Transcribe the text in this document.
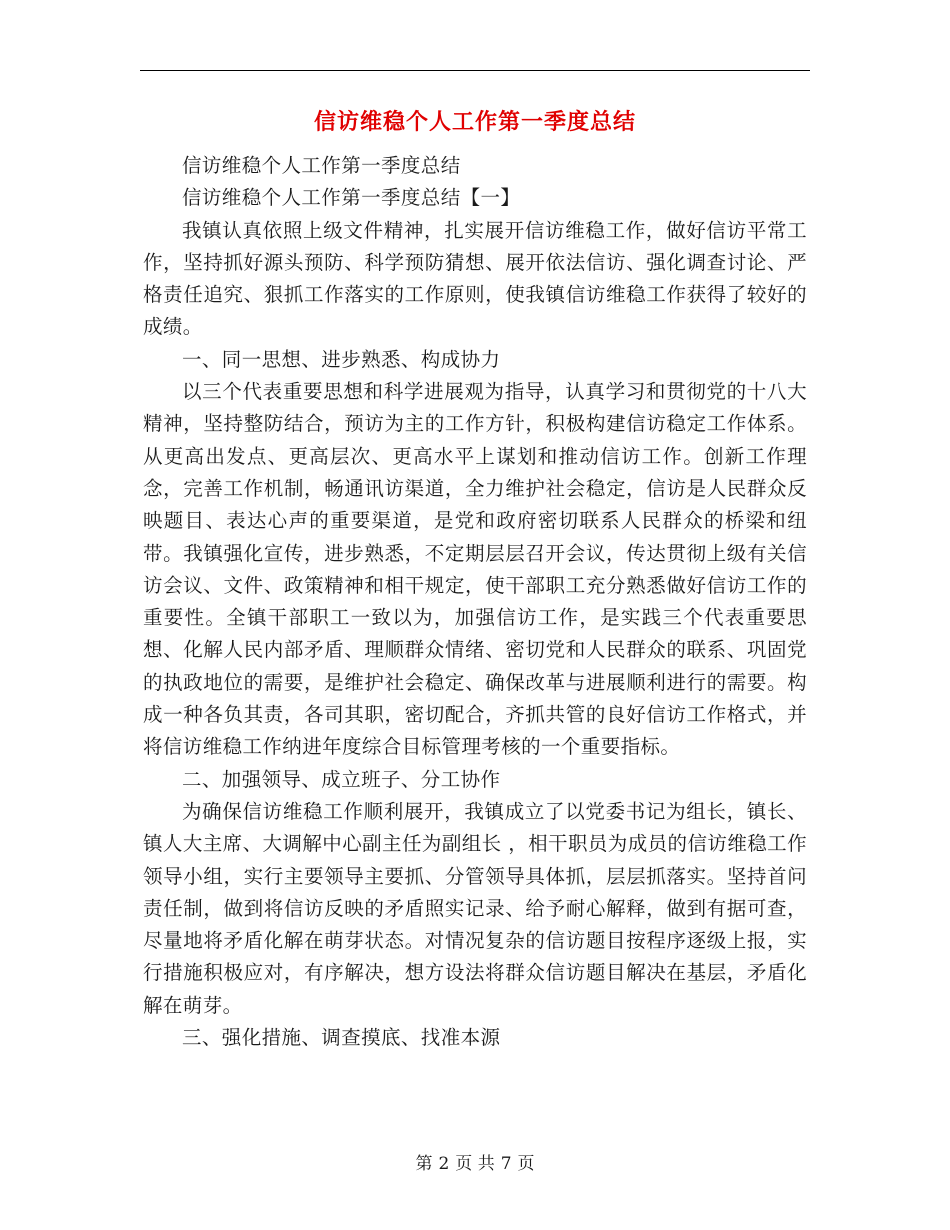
信访维稳个人工作第一季度总结

信访维稳个人工作第一季度总结

信访维稳个人工作第一季度总结【一】

我镇认真依照上级文件精神，扎实展开信访维稳工作，做好信访平常工作，坚持抓好源头预防、科学预防猜想、展开依法信访、强化调查讨论、严格责任追究、狠抓工作落实的工作原则，使我镇信访维稳工作获得了较好的成绩。

一、同一思想、进步熟悉、构成协力

以三个代表重要思想和科学进展观为指导，认真学习和贯彻党的十八大精神，坚持整防结合，预访为主的工作方针，积极构建信访稳定工作体系。从更高出发点、更高层次、更高水平上谋划和推动信访工作。创新工作理念，完善工作机制，畅通讯访渠道，全力维护社会稳定，信访是人民群众反映题目、表达心声的重要渠道，是党和政府密切联系人民群众的桥梁和纽带。我镇强化宣传，进步熟悉，不定期层层召开会议，传达贯彻上级有关信访会议、文件、政策精神和相干规定，使干部职工充分熟悉做好信访工作的重要性。全镇干部职工一致以为，加强信访工作，是实践三个代表重要思想、化解人民内部矛盾、理顺群众情绪、密切党和人民群众的联系、巩固党的执政地位的需要，是维护社会稳定、确保改革与进展顺利进行的需要。构成一种各负其责，各司其职，密切配合，齐抓共管的良好信访工作格式，并将信访维稳工作纳进年度综合目标管理考核的一个重要指标。

二、加强领导、成立班子、分工协作

为确保信访维稳工作顺利展开，我镇成立了以党委书记为组长，镇长、镇人大主席、大调解中心副主任为副组长 ，相干职员为成员的信访维稳工作领导小组，实行主要领导主要抓、分管领导具体抓，层层抓落实。坚持首问责任制，做到将信访反映的矛盾照实记录、给予耐心解释，做到有据可查，尽量地将矛盾化解在萌芽状态。对情况复杂的信访题目按程序逐级上报，实行措施积极应对，有序解决，想方设法将群众信访题目解决在基层，矛盾化解在萌芽。

三、强化措施、调查摸底、找准本源

第 2 页 共 7 页
